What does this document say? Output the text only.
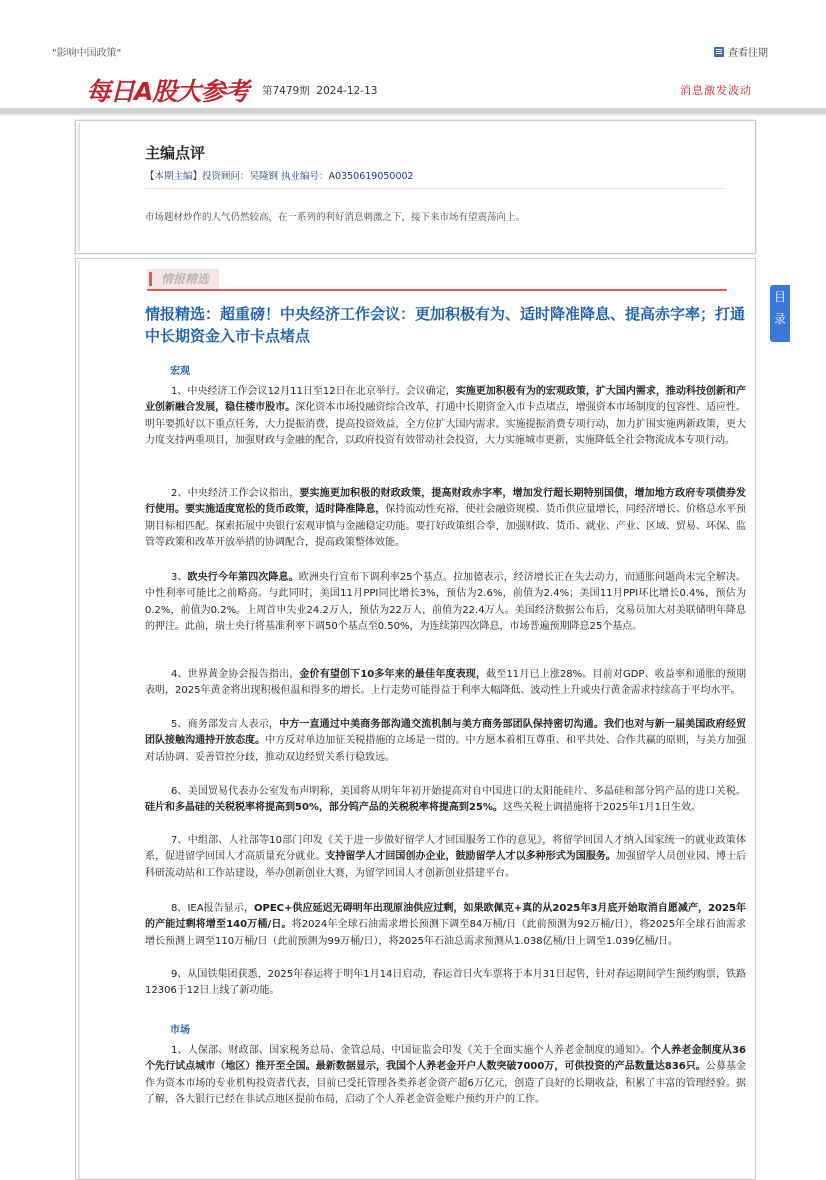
"影响中国政策"	查看往期
每日A股大参考 第7479期 2024-12-13	消息激发波动
主编点评
【本期主编】投资顾问：吴隆钢 执业编号：A0350619050002
市场题材炒作的人气仍然较高，在一系列的利好消息刺激之下，接下来市场有望震荡向上。
目
录
情报精选
情报精选：超重磅！中央经济工作会议：更加积极有为、适时降准降息、提高赤字率；打通中长期资金入市卡点堵点
宏观
1、中央经济工作会议12月11日至12日在北京举行。会议确定，实施更加积极有为的宏观政策，扩大国内需求，推动科技创新和产业创新融合发展，稳住楼市股市。深化资本市场投融资综合改革，打通中长期资金入市卡点堵点，增强资本市场制度的包容性、适应性。明年要抓好以下重点任务，大力提振消费，提高投资效益，全方位扩大国内需求。实施提振消费专项行动，加力扩围实施两新政策，更大力度支持两重项目，加强财政与金融的配合，以政府投资有效带动社会投资，大力实施城市更新，实施降低全社会物流成本专项行动。
2、中央经济工作会议指出，要实施更加积极的财政政策，提高财政赤字率，增加发行超长期特别国债，增加地方政府专项债券发行使用。要实施适度宽松的货币政策，适时降准降息，保持流动性充裕，使社会融资规模、货币供应量增长，同经济增长、价格总水平预期目标相匹配。探索拓展中央银行宏观审慎与金融稳定功能。要打好政策组合拳，加强财政、货币、就业、产业、区域、贸易、环保、监管等政策和改革开放举措的协调配合，提高政策整体效能。
3、欧央行今年第四次降息。欧洲央行宣布下调利率25个基点。拉加德表示，经济增长正在失去动力，而通胀问题尚未完全解决。中性利率可能比之前略高。与此同时，美国11月PPI同比增长3%，预估为2.6%，前值为2.4%；美国11月PPI环比增长0.4%，预估为0.2%，前值为0.2%。上周首申失业24.2万人，预估为22万人，前值为22.4万人。美国经济数据公布后，交易员加大对美联储明年降息的押注。此前，瑞士央行将基准利率下调50个基点至0.50%，为连续第四次降息，市场普遍预期降息25个基点。
4、世界黄金协会报告指出，金价有望创下10多年来的最佳年度表现，截至11月已上涨28%。目前对GDP、收益率和通胀的预期表明，2025年黄金将出现积极但温和得多的增长。上行走势可能得益于利率大幅降低、波动性上升或央行黄金需求持续高于平均水平。
5、商务部发言人表示，中方一直通过中美商务部沟通交流机制与美方商务部团队保持密切沟通。我们也对与新一届美国政府经贸团队接触沟通持开放态度。中方反对单边加征关税措施的立场是一贯的。中方愿本着相互尊重、和平共处、合作共赢的原则，与美方加强对话协调、妥善管控分歧，推动双边经贸关系行稳致远。
6、美国贸易代表办公室发布声明称，美国将从明年年初开始提高对自中国进口的太阳能硅片、多晶硅和部分钨产品的进口关税。硅片和多晶硅的关税税率将提高到50%，部分钨产品的关税税率将提高到25%。这些关税上调措施将于2025年1月1日生效。
7、中组部、人社部等10部门印发《关于进一步做好留学人才回国服务工作的意见》，将留学回国人才纳入国家统一的就业政策体系，促进留学回国人才高质量充分就业。支持留学人才回国创办企业，鼓励留学人才以多种形式为国服务。加强留学人员创业园、博士后科研流动站和工作站建设，举办创新创业大赛，为留学回国人才创新创业搭建平台。
8、IEA报告显示，OPEC+供应延迟无碍明年出现原油供应过剩，如果欧佩克+真的从2025年3月底开始取消自愿减产，2025年的产能过剩将增至140万桶/日。将2024年全球石油需求增长预测下调至84万桶/日（此前预测为92万桶/日），将2025年全球石油需求增长预测上调至110万桶/日（此前预测为99万桶/日），将2025年石油总需求预测从1.038亿桶/日上调至1.039亿桶/日。
9、从国铁集团获悉，2025年春运将于明年1月14日启动，春运首日火车票将于本月31日起售，针对春运期间学生预约购票，铁路12306于12日上线了新功能。
市场
1、人保部、财政部、国家税务总局、金管总局、中国证监会印发《关于全面实施个人养老金制度的通知》。个人养老金制度从36个先行试点城市（地区）推开至全国。最新数据显示，我国个人养老金开户人数突破7000万，可供投资的产品数量达836只。公募基金作为资本市场的专业机构投资者代表，目前已受托管理各类养老金资产超6万亿元，创造了良好的长期收益，积累了丰富的管理经验。据了解，各大银行已经在非试点地区提前布局，启动了个人养老金资金账户预约开户的工作。
